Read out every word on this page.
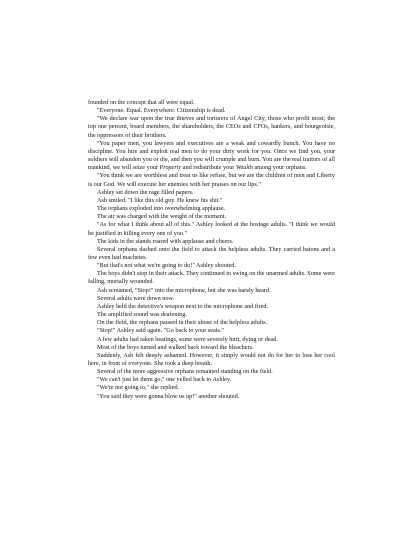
founded on the concept that all were equal.

"Everyone. Equal. Everywhere. Citizenship is dead.

"We declare war upon the true thieves and torturers of Angel City, those who profit most; the top one percent, board members, the shareholders, the CEOs and CFOs, bankers, and bourgeoisie, the oppressors of their brothers.

"You paper men, you lawyers and executives are a weak and cowardly bunch. You have no discipline. You hire and exploit real men to do your dirty work for you. Once we find you, your soldiers will abandon you or die, and then you will crumple and burn. You are the real traitors of all mankind, we will seize your Property and redistribute your Wealth among your orphans.

"You think we are worthless and treat us like refuse, but we are the children of men and Liberty is our God. We will execute her enemies with her praises on our lips."

Ashley set down the rage filled papers.

Ash smiled. "I like this old guy. He knew his shit."

The orphans exploded into overwhelming applause.

The air was charged with the weight of the moment.

"As for what I think about all of this." Ashley looked at the hostage adults. "I think we would be justified in killing every one of you."

The kids in the stands roared with applause and cheers.

Several orphans dashed onto the field to attack the helpless adults. They carried batons and a few even had machetes.

"But that's not what we're going to do!" Ashley shouted.

The boys didn't stop in their attack. They continued to swing on the unarmed adults. Some were falling, mortally wounded.

Ash screamed, "Stop!" into the microphone, but she was barely heard.

Several adults were down now.

Ashley held the detective's weapon next to the microphone and fired.

The amplified sound was deafening.

On the field, the orphans paused in their abuse of the helpless adults.

"Stop!" Ashley said again. "Go back to your seats."

A few adults had taken beatings, some were severely hurt, dying or dead.

Most of the boys turned and walked back toward the bleachers.

Suddenly, Ash felt deeply ashamed. However, it simply would not do for her to lose her cool here, in front of everyone. She took a deep breath.

Several of the more aggressive orphans remained standing on the field.

"We can't just let them go," one yelled back to Ashley.

"We're not going to," she replied.

"You said they were gonna blow us up!" another shouted.
